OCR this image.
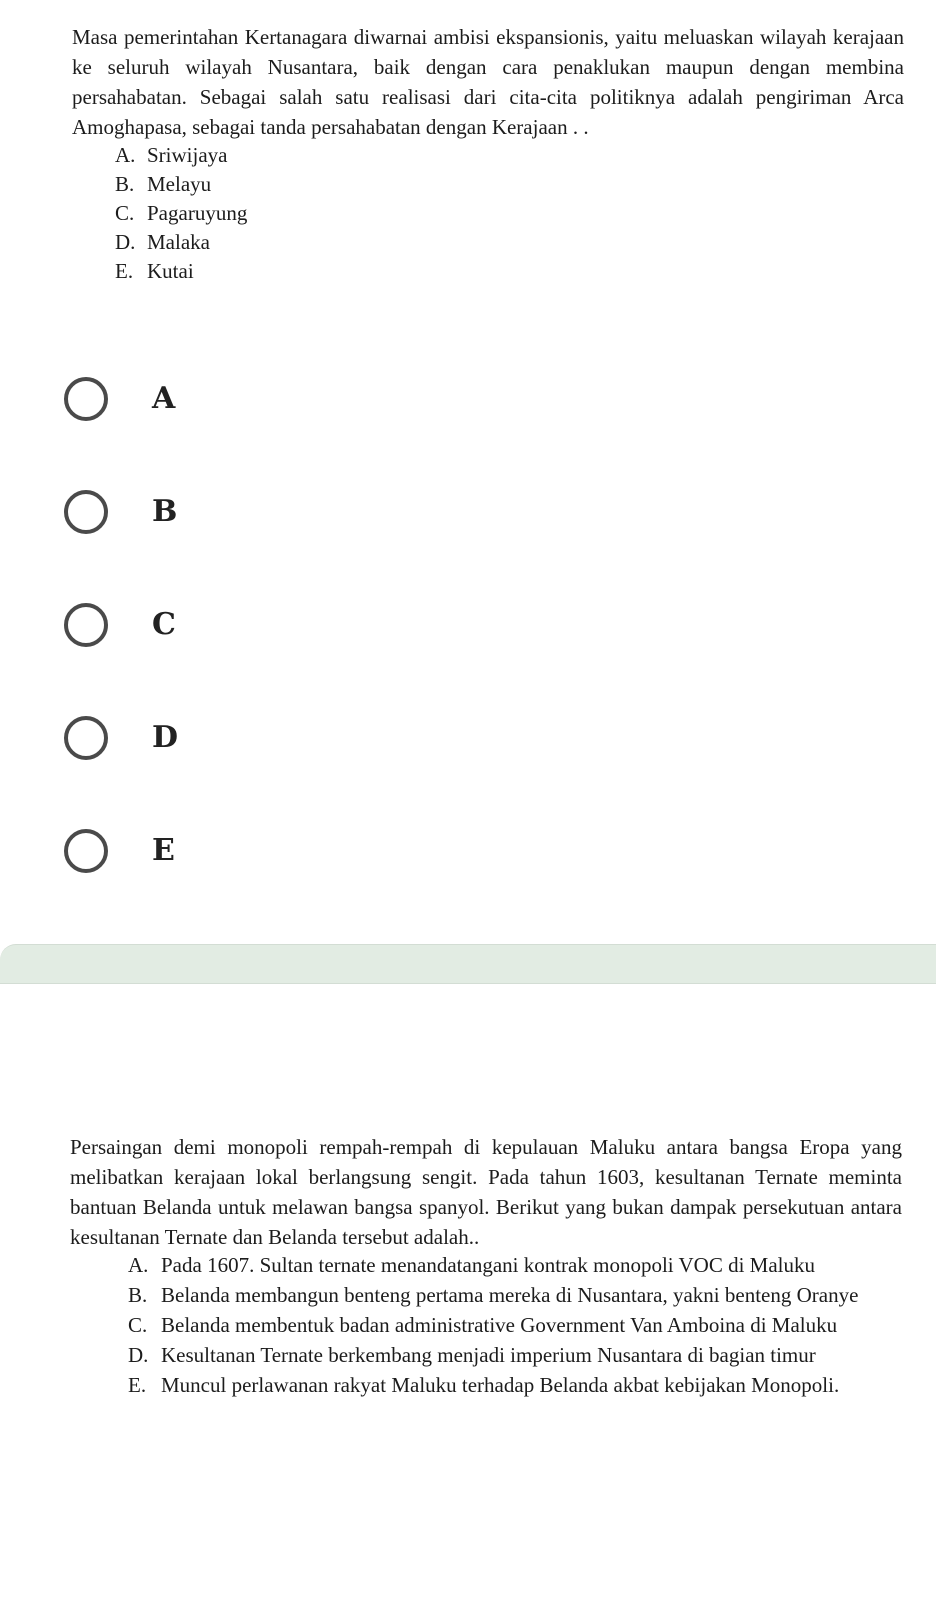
Masa pemerintahan Kertanagara diwarnai ambisi ekspansionis, yaitu meluaskan wilayah kerajaan ke seluruh wilayah Nusantara, baik dengan cara penaklukan maupun dengan membina persahabatan. Sebagai salah satu realisasi dari cita-cita politiknya adalah pengiriman Arca Amoghapasa, sebagai tanda persahabatan dengan Kerajaan . .

A. Sriwijaya
B. Melayu
C. Pagaruyung
D. Malaka
E. Kutai
A
B
C
D
E
Persaingan demi monopoli rempah-rempah di kepulauan Maluku antara bangsa Eropa yang melibatkan kerajaan lokal berlangsung sengit. Pada tahun 1603, kesultanan Ternate meminta bantuan Belanda untuk melawan bangsa spanyol. Berikut yang bukan dampak persekutuan antara kesultanan Ternate dan Belanda tersebut adalah..
A. Pada 1607. Sultan ternate menandatangani kontrak monopoli VOC di Maluku
B. Belanda membangun benteng pertama mereka di Nusantara, yakni benteng Oranye
C. Belanda membentuk badan administrative Government Van Amboina di Maluku
D. Kesultanan Ternate berkembang menjadi imperium Nusantara di bagian timur
E. Muncul perlawanan rakyat Maluku terhadap Belanda akbat kebijakan Monopoli.
